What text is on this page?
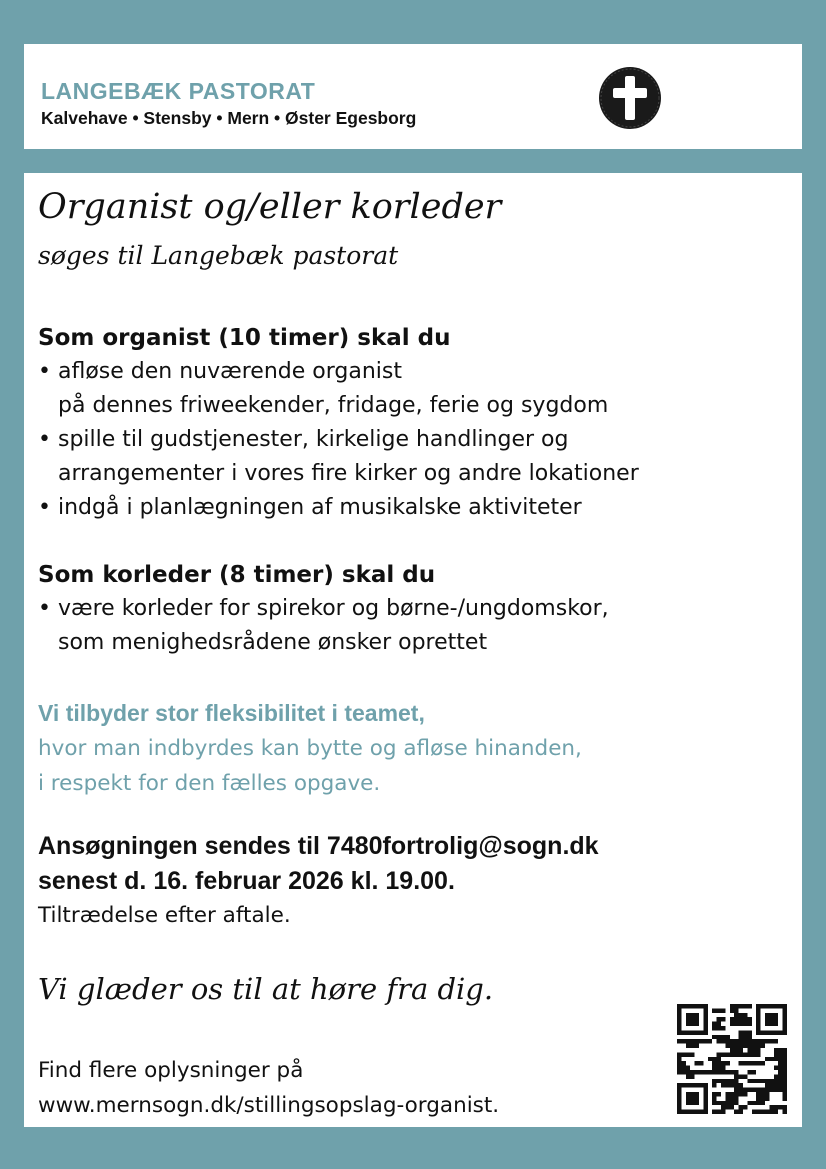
LANGEBÆK PASTORAT
Kalvehave • Stensby • Mern • Øster Egesborg
Organist og/eller korleder
søges til Langebæk pastorat
Som organist (10 timer) skal du
• afløse den nuværende organist
på dennes friweekender, fridage, ferie og sygdom
• spille til gudstjenester, kirkelige handlinger og
arrangementer i vores fire kirker og andre lokationer
• indgå i planlægningen af musikalske aktiviteter
Som korleder (8 timer) skal du
• være korleder for spirekor og børne-/ungdomskor,
som menighedsrådene ønsker oprettet
Vi tilbyder stor fleksibilitet i teamet,
hvor man indbyrdes kan bytte og afløse hinanden,
i respekt for den fælles opgave.
Ansøgningen sendes til 7480fortrolig@sogn.dk
senest d. 16. februar 2026 kl. 19.00.
Tiltrædelse efter aftale.
Vi glæder os til at høre fra dig.
Find flere oplysninger på
www.mernsogn.dk/stillingsopslag-organist.
